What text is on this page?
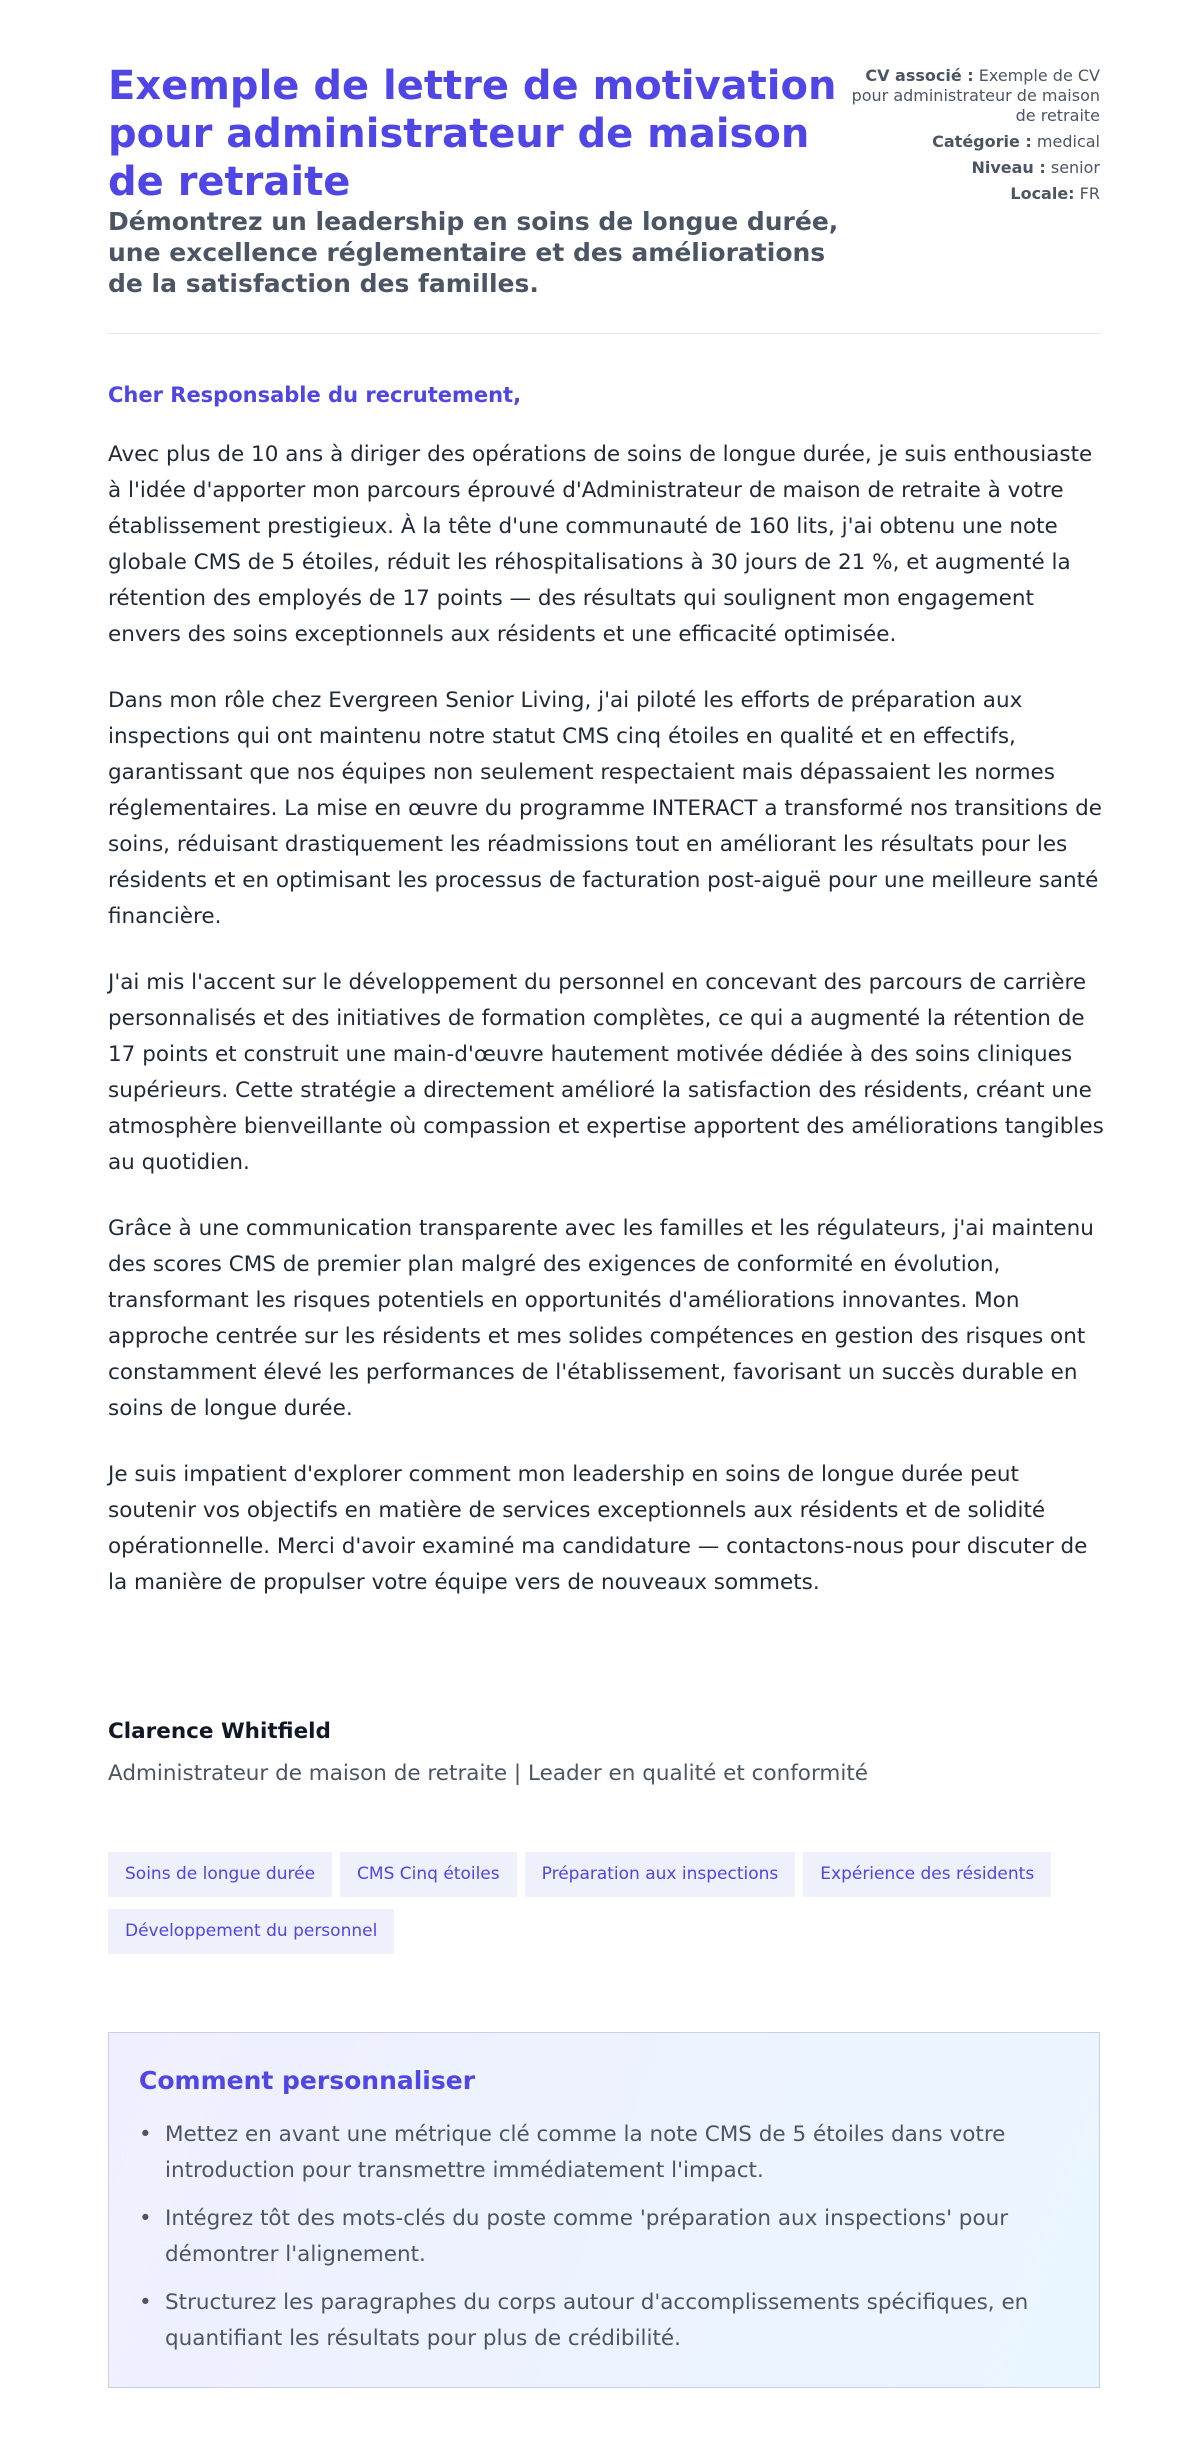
Exemple de lettre de motivation pour administrateur de maison de retraite
Démontrez un leadership en soins de longue durée, une excellence réglementaire et des améliorations de la satisfaction des familles.
CV associé : Exemple de CV pour administrateur de maison de retraite
Catégorie : medical
Niveau : senior
Locale: FR

Cher Responsable du recrutement,

Avec plus de 10 ans à diriger des opérations de soins de longue durée, je suis enthousiaste à l'idée d'apporter mon parcours éprouvé d'Administrateur de maison de retraite à votre établissement prestigieux. À la tête d'une communauté de 160 lits, j'ai obtenu une note globale CMS de 5 étoiles, réduit les réhospitalisations à 30 jours de 21 %, et augmenté la rétention des employés de 17 points — des résultats qui soulignent mon engagement envers des soins exceptionnels aux résidents et une efficacité optimisée.

Dans mon rôle chez Evergreen Senior Living, j'ai piloté les efforts de préparation aux inspections qui ont maintenu notre statut CMS cinq étoiles en qualité et en effectifs, garantissant que nos équipes non seulement respectaient mais dépassaient les normes réglementaires. La mise en œuvre du programme INTERACT a transformé nos transitions de soins, réduisant drastiquement les réadmissions tout en améliorant les résultats pour les résidents et en optimisant les processus de facturation post-aiguë pour une meilleure santé financière.

J'ai mis l'accent sur le développement du personnel en concevant des parcours de carrière personnalisés et des initiatives de formation complètes, ce qui a augmenté la rétention de 17 points et construit une main-d'œuvre hautement motivée dédiée à des soins cliniques supérieurs. Cette stratégie a directement amélioré la satisfaction des résidents, créant une atmosphère bienveillante où compassion et expertise apportent des améliorations tangibles au quotidien.

Grâce à une communication transparente avec les familles et les régulateurs, j'ai maintenu des scores CMS de premier plan malgré des exigences de conformité en évolution, transformant les risques potentiels en opportunités d'améliorations innovantes. Mon approche centrée sur les résidents et mes solides compétences en gestion des risques ont constamment élevé les performances de l'établissement, favorisant un succès durable en soins de longue durée.

Je suis impatient d'explorer comment mon leadership en soins de longue durée peut soutenir vos objectifs en matière de services exceptionnels aux résidents et de solidité opérationnelle. Merci d'avoir examiné ma candidature — contactons-nous pour discuter de la manière de propulser votre équipe vers de nouveaux sommets.

Clarence Whitfield
Administrateur de maison de retraite | Leader en qualité et conformité
Soins de longue durée CMS Cinq étoiles Préparation aux inspections Expérience des résidentsDéveloppement du personnel
Comment personnaliser
• Mettez en avant une métrique clé comme la note CMS de 5 étoiles dans votre introduction pour transmettre immédiatement l'impact.
• Intégrez tôt des mots-clés du poste comme 'préparation aux inspections' pour démontrer l'alignement.
• Structurez les paragraphes du corps autour d'accomplissements spécifiques, en quantifiant les résultats pour plus de crédibilité.
